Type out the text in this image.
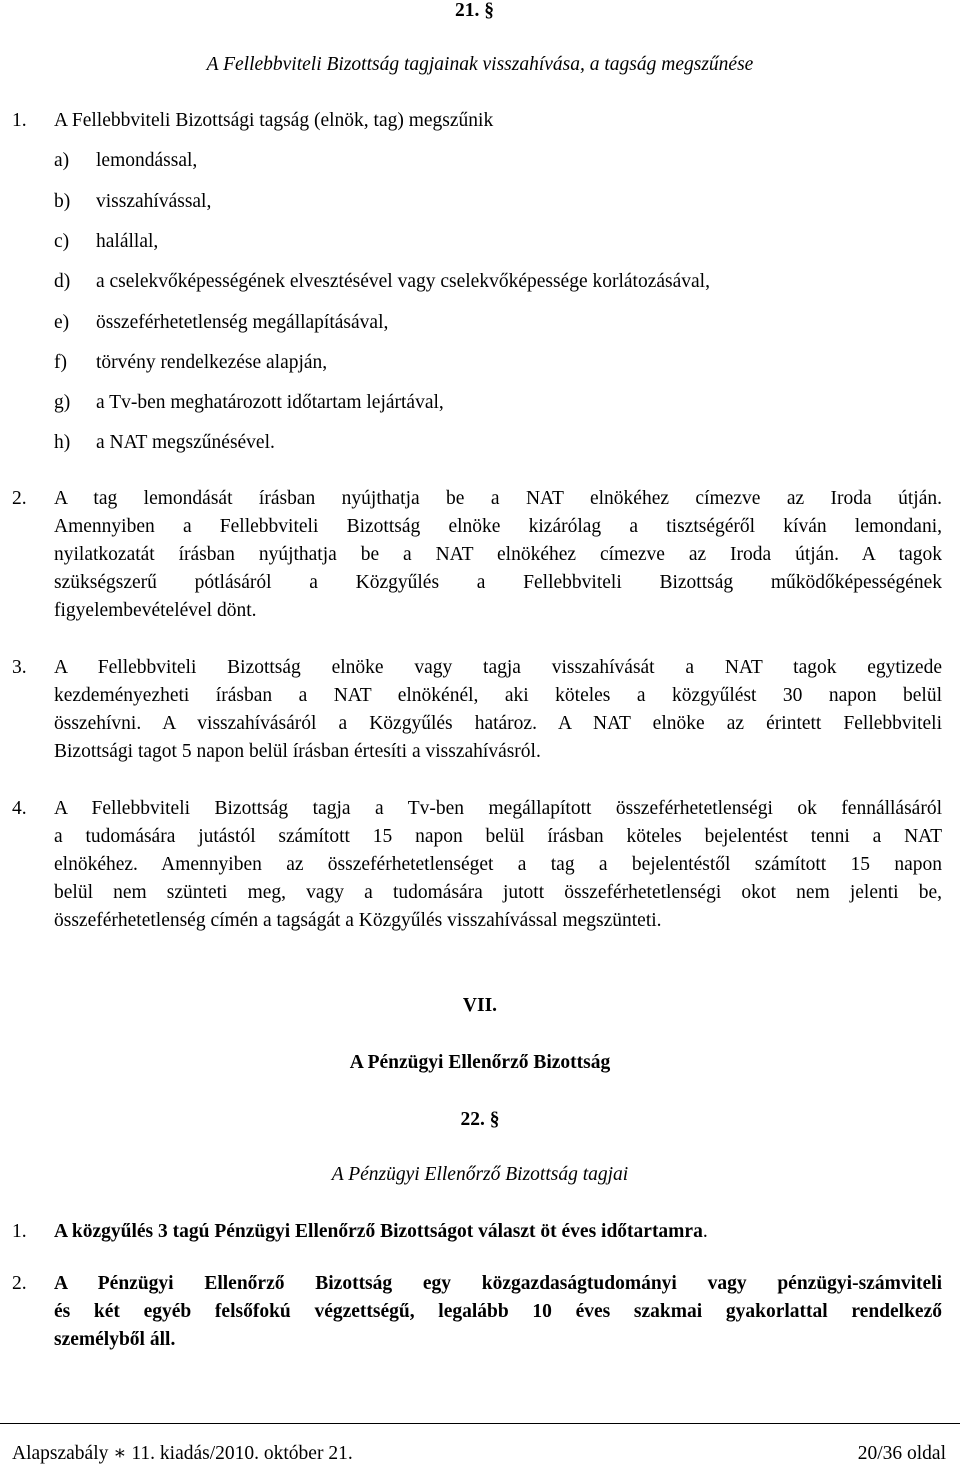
21. §
A Fellebbviteli Bizottság tagjainak visszahívása, a tagság megszűnése
1. A Fellebbviteli Bizottsági tagság (elnök, tag) megszűnik
a) lemondással,
b) visszahívással,
c) halállal,
d) a cselekvőképességének elvesztésével vagy cselekvőképessége korlátozásával,
e) összeférhetetlenség megállapításával,
f) törvény rendelkezése alapján,
g) a Tv-ben meghatározott időtartam lejártával,
h) a NAT megszűnésével.
2. A tag lemondását írásban nyújthatja be a NAT elnökéhez címezve az Iroda útján.
Amennyiben a Fellebbviteli Bizottság elnöke kizárólag a tisztségéről kíván lemondani,
nyilatkozatát írásban nyújthatja be a NAT elnökéhez címezve az Iroda útján. A tagok
szükségszerű pótlásáról a Közgyűlés a Fellebbviteli Bizottság működőképességének
figyelembevételével dönt.
3. A Fellebbviteli Bizottság elnöke vagy tagja visszahívását a NAT tagok egytizede
kezdeményezheti írásban a NAT elnökénél, aki köteles a közgyűlést 30 napon belül
összehívni. A visszahívásáról a Közgyűlés határoz. A NAT elnöke az érintett Fellebbviteli
Bizottsági tagot 5 napon belül írásban értesíti a visszahívásról.
4. A Fellebbviteli Bizottság tagja a Tv-ben megállapított összeférhetetlenségi ok fennállásáról
a tudomására jutástól számított 15 napon belül írásban köteles bejelentést tenni a NAT
elnökéhez. Amennyiben az összeférhetetlenséget a tag a bejelentéstől számított 15 napon
belül nem szünteti meg, vagy a tudomására jutott összeférhetetlenségi okot nem jelenti be,
összeférhetetlenség címén a tagságát a Közgyűlés visszahívással megszünteti.
VII.
A Pénzügyi Ellenőrző Bizottság
22. §
A Pénzügyi Ellenőrző Bizottság tagjai
1. A közgyűlés 3 tagú Pénzügyi Ellenőrző Bizottságot választ öt éves időtartamra.
2. A Pénzügyi Ellenőrző Bizottság egy közgazdaságtudományi vagy pénzügyi-számviteli
és két egyéb felsőfokú végzettségű, legalább 10 éves szakmai gyakorlattal rendelkező
személyből áll.
Alapszabály ∗ 11. kiadás/2010. október 21.	20/36 oldal
